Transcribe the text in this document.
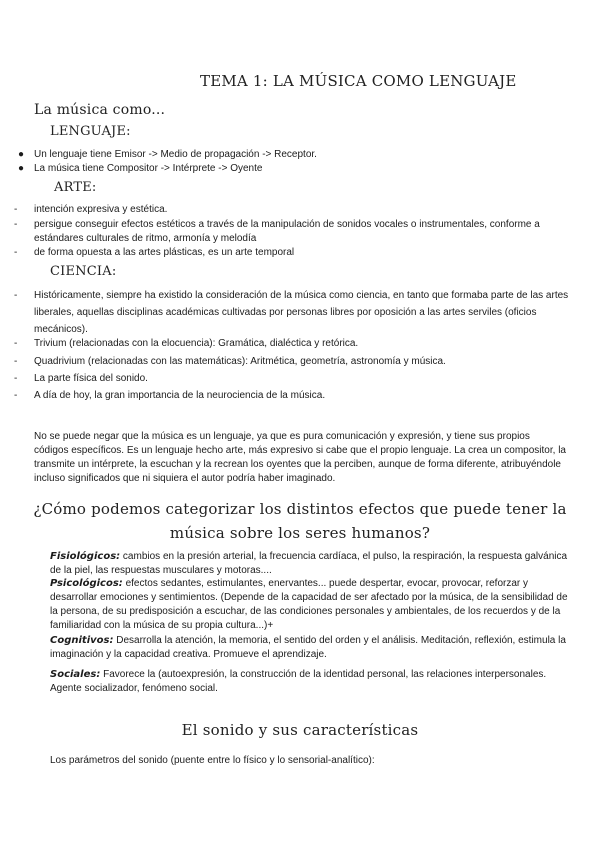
TEMA 1: LA MÚSICA COMO LENGUAJE
La música como...
LENGUAJE:
● Un lenguaje tiene Emisor -> Medio de propagación -> Receptor.
● La música tiene Compositor -> Intérprete -> Oyente
ARTE:
-	intención expresiva y estética.
-	persigue conseguir efectos estéticos a través de la manipulación de sonidos vocales o instrumentales, conforme a estándares culturales de ritmo, armonía y melodía
-	de forma opuesta a las artes plásticas, es un arte temporal
CIENCIA:
-	Históricamente, siempre ha existido la consideración de la música como ciencia, en tanto que formaba parte de las artes liberales, aquellas disciplinas académicas cultivadas por personas libres por oposición a las artes serviles (oficios mecánicos).
-	Trivium (relacionadas con la elocuencia): Gramática, dialéctica y retórica.
-	Quadrivium (relacionadas con las matemáticas): Aritmética, geometría, astronomía y música.
-	La parte física del sonido.
-	A día de hoy, la gran importancia de la neurociencia de la música.
No se puede negar que la música es un lenguaje, ya que es pura comunicación y expresión, y tiene sus propios códigos específicos. Es un lenguaje hecho arte, más expresivo si cabe que el propio lenguaje. La crea un compositor, la transmite un intérprete, la escuchan y la recrean los oyentes que la perciben, aunque de forma diferente, atribuyéndole incluso significados que ni siquiera el autor podría haber imaginado.
¿Cómo podemos categorizar los distintos efectos que puede tener la música sobre los seres humanos?
Fisiológicos: cambios en la presión arterial, la frecuencia cardíaca, el pulso, la respiración, la respuesta galvánica de la piel, las respuestas musculares y motoras....
Psicológicos: efectos sedantes, estimulantes, enervantes... puede despertar, evocar, provocar, reforzar y desarrollar emociones y sentimientos. (Depende de la capacidad de ser afectado por la música, de la sensibilidad de la persona, de su predisposición a escuchar, de las condiciones personales y ambientales, de los recuerdos y de la familiaridad con la música de su propia cultura...)+
Cognitivos: Desarrolla la atención, la memoria, el sentido del orden y el análisis. Meditación, reflexión, estimula la imaginación y la capacidad creativa. Promueve el aprendizaje.
Sociales: Favorece la (autoexpresión, la construcción de la identidad personal, las relaciones interpersonales. Agente socializador, fenómeno social.
El sonido y sus características
Los parámetros del sonido (puente entre lo físico y lo sensorial-analítico):
